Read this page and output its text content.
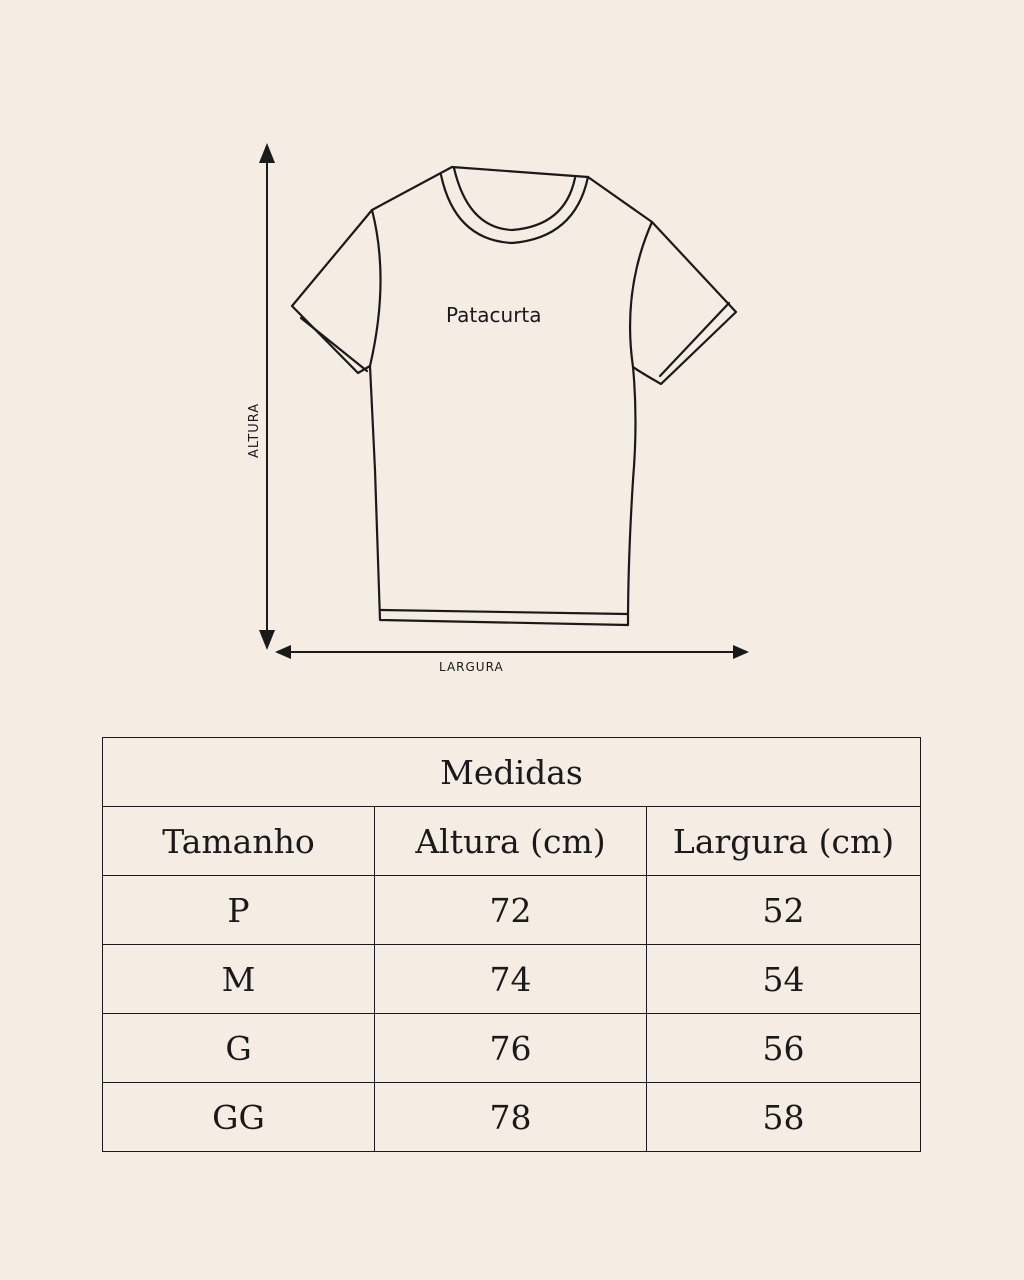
Patacurta
ALTURA
LARGURA
Medidas		
Tamanho	Altura (cm)	Largura (cm)
P	72	52
M	74	54
G	76	56
GG	78	58
